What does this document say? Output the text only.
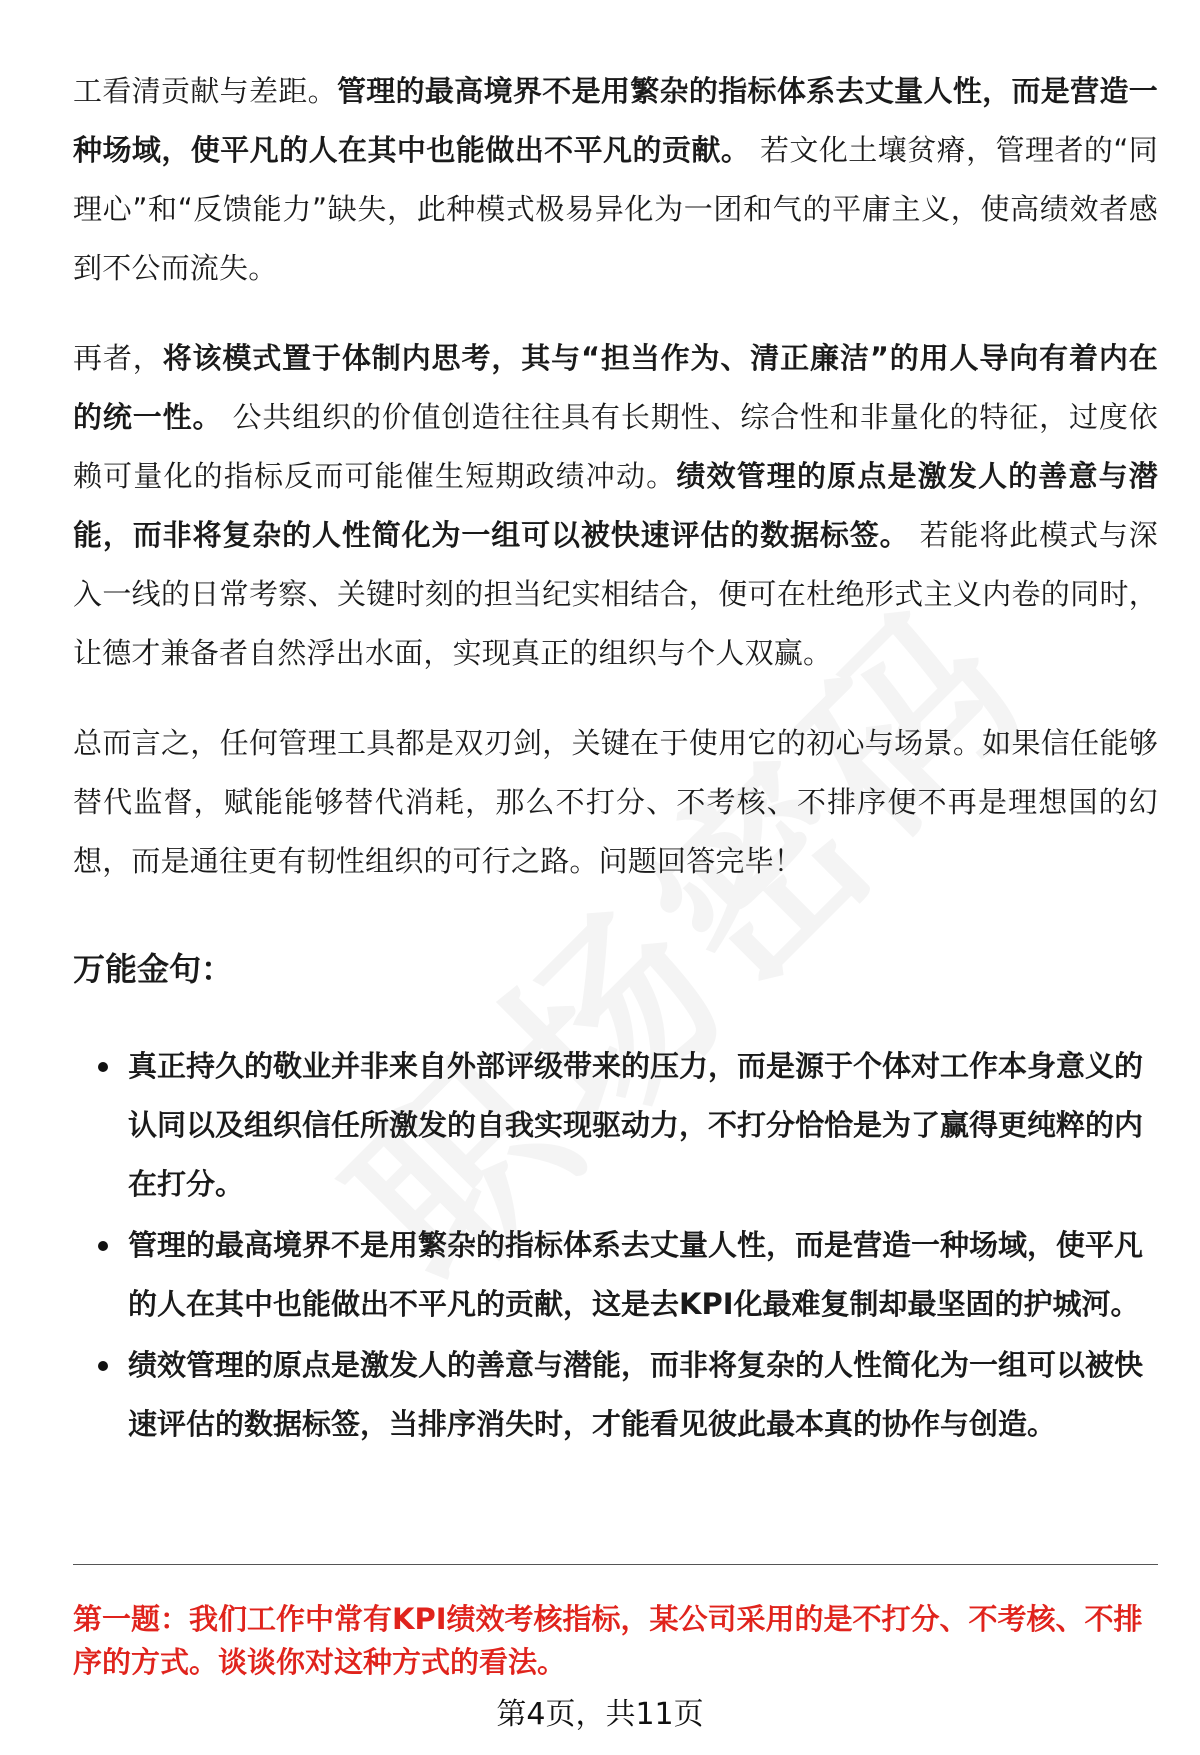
工看清贡献与差距。管理的最高境界不是用繁杂的指标体系去丈量人性，而是营造一种场域，使平凡的人在其中也能做出不平凡的贡献。 若文化土壤贫瘠，管理者的“同理心”和“反馈能力”缺失，此种模式极易异化为一团和气的平庸主义，使高绩效者感到不公而流失。

再者，将该模式置于体制内思考，其与“担当作为、清正廉洁”的用人导向有着内在的统一性。 公共组织的价值创造往往具有长期性、综合性和非量化的特征，过度依赖可量化的指标反而可能催生短期政绩冲动。绩效管理的原点是激发人的善意与潜能，而非将复杂的人性简化为一组可以被快速评估的数据标签。 若能将此模式与深入一线的日常考察、关键时刻的担当纪实相结合，便可在杜绝形式主义内卷的同时，让德才兼备者自然浮出水面，实现真正的组织与个人双赢。

总而言之，任何管理工具都是双刃剑，关键在于使用它的初心与场景。如果信任能够替代监督，赋能能够替代消耗，那么不打分、不考核、不排序便不再是理想国的幻想，而是通往更有韧性组织的可行之路。问题回答完毕！

万能金句：
真正持久的敬业并非来自外部评级带来的压力，而是源于个体对工作本身意义的认同以及组织信任所激发的自我实现驱动力，不打分恰恰是为了赢得更纯粹的内在打分。
管理的最高境界不是用繁杂的指标体系去丈量人性，而是营造一种场域，使平凡的人在其中也能做出不平凡的贡献，这是去KPI化最难复制却最坚固的护城河。
绩效管理的原点是激发人的善意与潜能，而非将复杂的人性简化为一组可以被快速评估的数据标签，当排序消失时，才能看见彼此最本真的协作与创造。
第一题：我们工作中常有KPI绩效考核指标，某公司采用的是不打分、不考核、不排序的方式。谈谈你对这种方式的看法。
第4页，共11页
